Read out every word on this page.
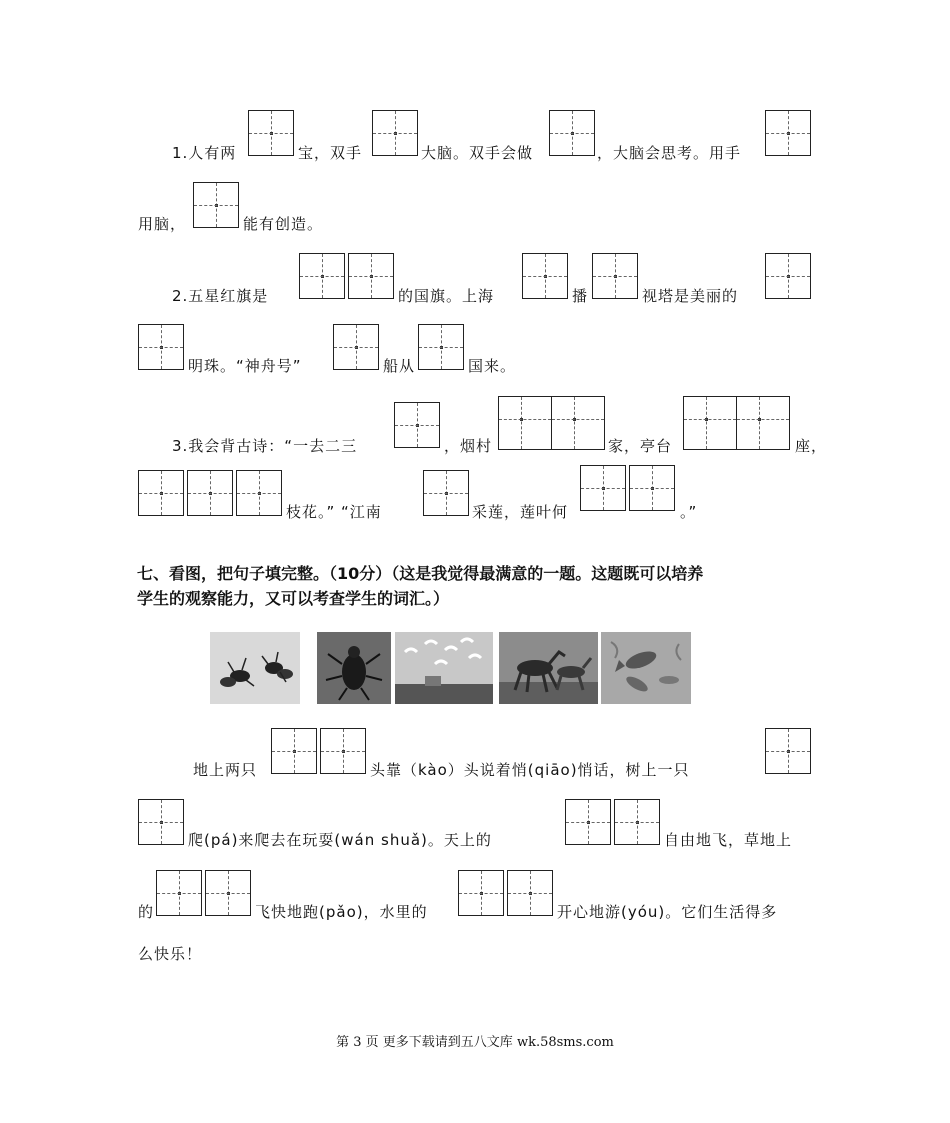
1.人有两	宝，双手	大脑。双手会做	，大脑会思考。用手
用脑，	能有创造。
2.五星红旗是	的国旗。上海	播	视塔是美丽的
明珠。“神舟号”	船从	国来。
3.我会背古诗：“一去二三	，烟村	家，亭台	座，
枝花。” “江南	采莲，莲叶何	。”
七、看图，把句子填完整。（10分）（这是我觉得最满意的一题。这题既可以培养
学生的观察能力，又可以考查学生的词汇。）
地上两只	头靠（kào）头说着悄(qiāo)悄话，树上一只
爬(pá)来爬去在玩耍(wán shuǎ)。天上的	自由地飞，草地上
的	飞快地跑(pǎo)，水里的	开心地游(yóu)。它们生活得多
么快乐！
第 3 页 更多下载请到五八文库 wk.58sms.com
